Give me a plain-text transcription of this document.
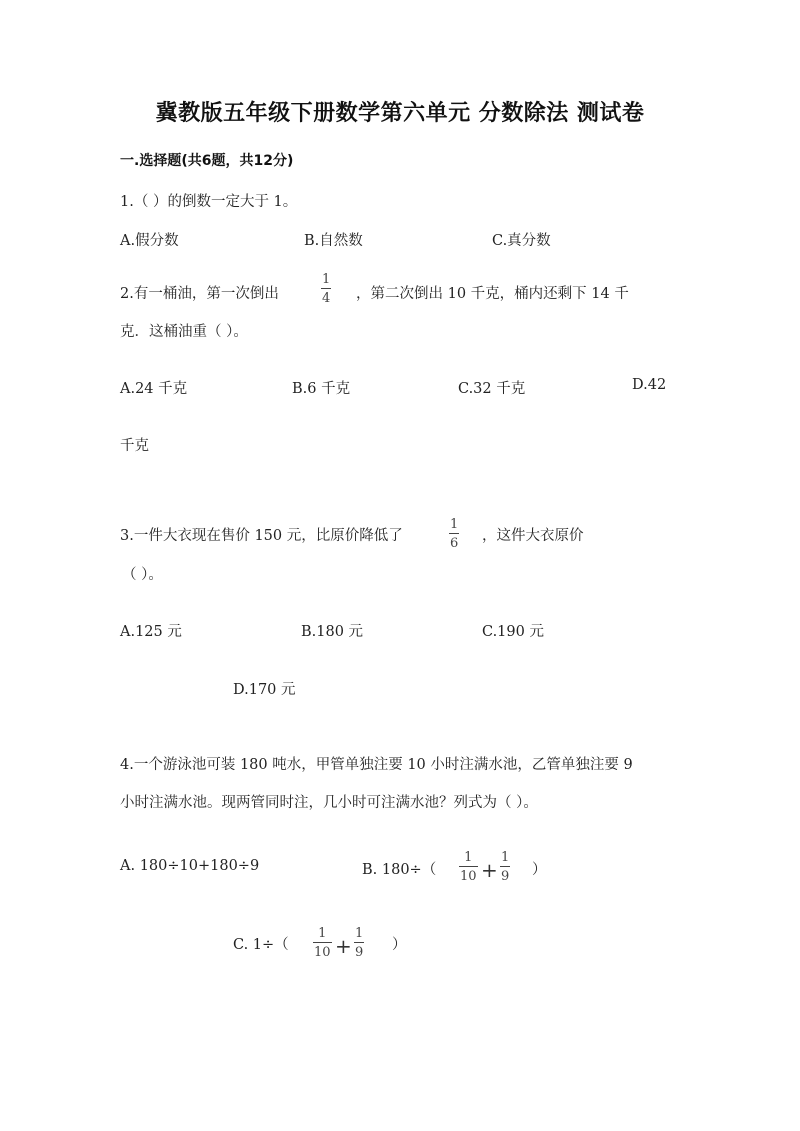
冀教版五年级下册数学第六单元 分数除法 测试卷
一.选择题(共6题，共12分)
1.（ ）的倒数一定大于 1。
A.假分数	B.自然数	C.真分数
2.有一桶油，第一次倒出
1
4 ，第二次倒出 10 千克，桶内还剩下 14 千
克．这桶油重（ ）。
A.24 千克	B.6 千克	C.32 千克	D.42
千克
3.一件大衣现在售价 150 元，比原价降低了
1
6 ，这件大衣原价
（ ）。
A.125 元	B.180 元	C.190 元
D.170 元
4.一个游泳池可装 180 吨水，甲管单独注要 10 小时注满水池，乙管单独注要 9
小时注满水池。现两管同时注，几小时可注满水池？列式为（ ）。
A. 180÷10+180÷9	B. 180÷（
1
10 +
1
9 ）
C. 1÷（
1
10 +
1
9 ）
